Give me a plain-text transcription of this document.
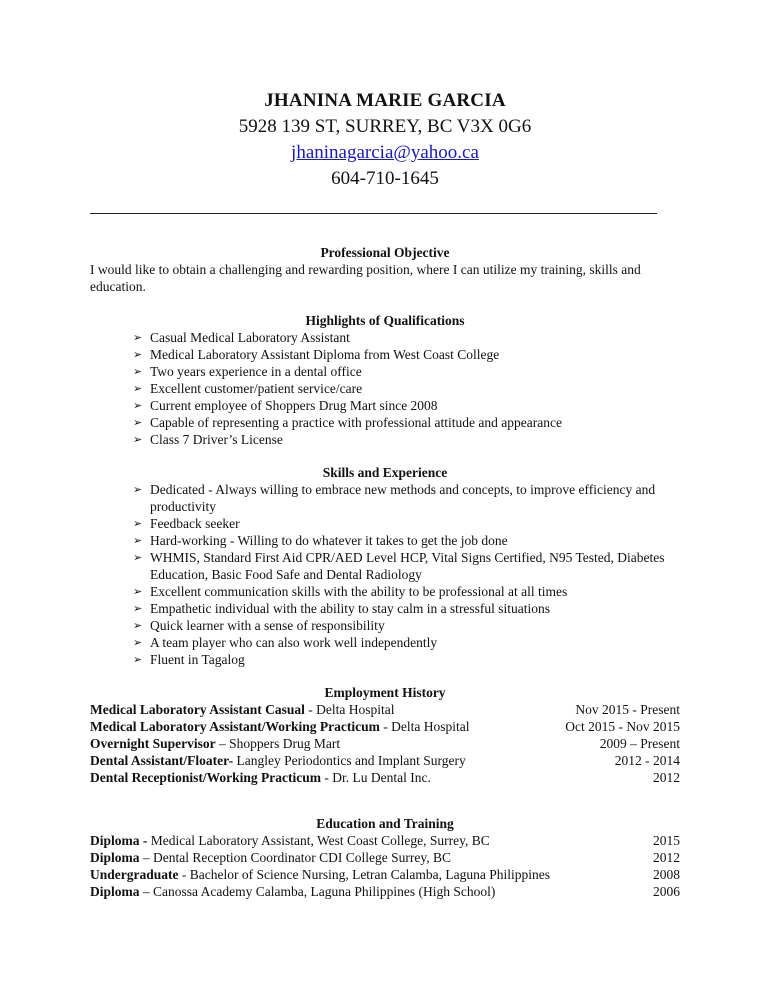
JHANINA MARIE GARCIA
5928 139 ST, SURREY, BC V3X 0G6
jhaninagarcia@yahoo.ca
604-710-1645
Professional Objective
I would like to obtain a challenging and rewarding position, where I can utilize my training, skills and education.
Highlights of Qualifications
➢ Casual Medical Laboratory Assistant
➢ Medical Laboratory Assistant Diploma from West Coast College
➢ Two years experience in a dental office
➢ Excellent customer/patient service/care
➢ Current employee of Shoppers Drug Mart since 2008
➢ Capable of representing a practice with professional attitude and appearance
➢ Class 7 Driver’s License
Skills and Experience
➢ Dedicated - Always willing to embrace new methods and concepts, to improve efficiency and productivity
➢ Feedback seeker
➢ Hard-working - Willing to do whatever it takes to get the job done
➢ WHMIS, Standard First Aid CPR/AED Level HCP, Vital Signs Certified, N95 Tested, Diabetes Education, Basic Food Safe and Dental Radiology
➢ Excellent communication skills with the ability to be professional at all times
➢ Empathetic individual with the ability to stay calm in a stressful situations
➢ Quick learner with a sense of responsibility
➢ A team player who can also work well independently
➢ Fluent in Tagalog
Employment History
Medical Laboratory Assistant Casual - Delta Hospital	Nov 2015 - Present
Medical Laboratory Assistant/Working Practicum - Delta Hospital	Oct 2015 - Nov 2015
Overnight Supervisor – Shoppers Drug Mart	2009 – Present
Dental Assistant/Floater- Langley Periodontics and Implant Surgery	2012 - 2014
Dental Receptionist/Working Practicum - Dr. Lu Dental Inc.	2012
Education and Training
Diploma - Medical Laboratory Assistant, West Coast College, Surrey, BC	2015
Diploma – Dental Reception Coordinator CDI College Surrey, BC	2012
Undergraduate - Bachelor of Science Nursing, Letran Calamba, Laguna Philippines	2008
Diploma – Canossa Academy Calamba, Laguna Philippines (High School)	2006
